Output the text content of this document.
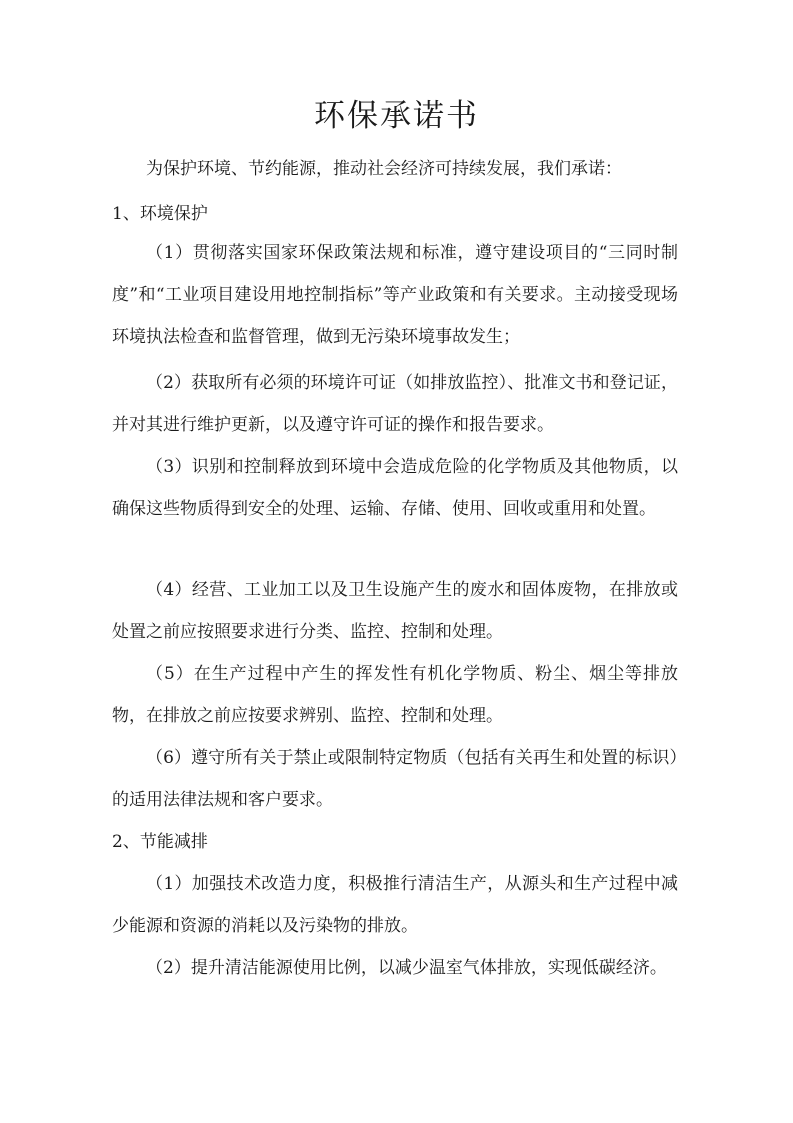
环保承诺书

为保护环境、节约能源，推动社会经济可持续发展，我们承诺：

1、环境保护

（1）贯彻落实国家环保政策法规和标准，遵守建设项目的“三同时制度”和“工业项目建设用地控制指标”等产业政策和有关要求。主动接受现场环境执法检查和监督管理，做到无污染环境事故发生；

（2）获取所有必须的环境许可证（如排放监控）、批准文书和登记证，并对其进行维护更新，以及遵守许可证的操作和报告要求。

（3）识别和控制释放到环境中会造成危险的化学物质及其他物质，以确保这些物质得到安全的处理、运输、存储、使用、回收或重用和处置。

（4）经营、工业加工以及卫生设施产生的废水和固体废物，在排放或处置之前应按照要求进行分类、监控、控制和处理。

（5）在生产过程中产生的挥发性有机化学物质、粉尘、烟尘等排放物，在排放之前应按要求辨别、监控、控制和处理。

（6）遵守所有关于禁止或限制特定物质（包括有关再生和处置的标识）的适用法律法规和客户要求。

2、节能减排

（1）加强技术改造力度，积极推行清洁生产，从源头和生产过程中减少能源和资源的消耗以及污染物的排放。

（2）提升清洁能源使用比例，以减少温室气体排放，实现低碳经济。
